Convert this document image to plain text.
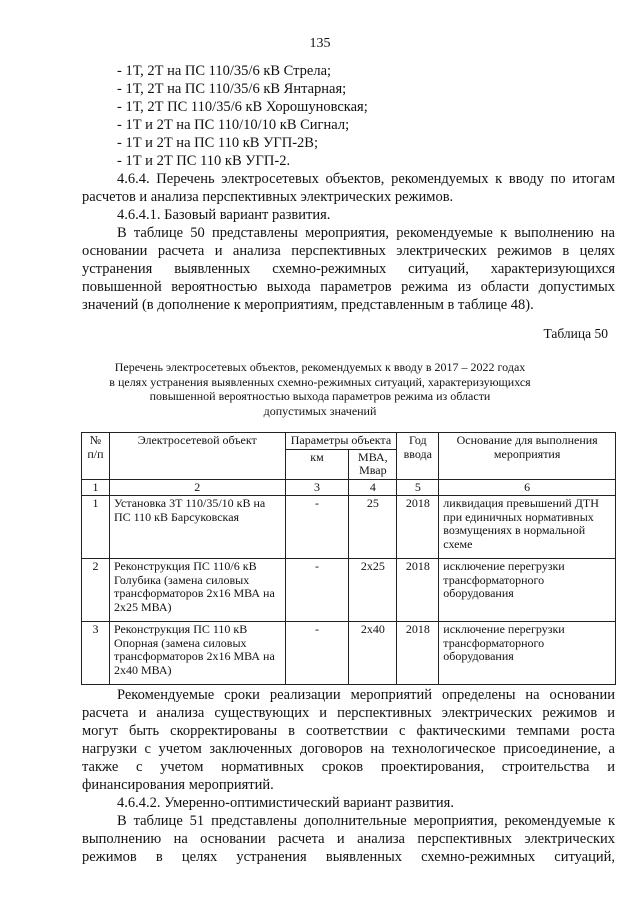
135
- 1Т, 2Т на ПС 110/35/6 кВ Стрела;
- 1Т, 2Т на ПС 110/35/6 кВ Янтарная;
- 1Т, 2Т ПС 110/35/6 кВ Хорошуновская;
- 1Т и 2Т на ПС 110/10/10 кВ Сигнал;
- 1Т и 2Т на ПС 110 кВ УГП-2В;
- 1Т и 2Т ПС 110 кВ УГП-2.
4.6.4. Перечень электросетевых объектов, рекомендуемых к вводу по итогам
расчетов и анализа перспективных электрических режимов.
4.6.4.1. Базовый вариант развития.
В таблице 50 представлены мероприятия, рекомендуемые к выполнению на
основании расчета и анализа перспективных электрических режимов в целях
устранения выявленных схемно-режимных ситуаций, характеризующихся
повышенной вероятностью выхода параметров режима из области допустимых
значений (в дополнение к мероприятиям, представленным в таблице 48).
Таблица 50
Перечень электросетевых объектов, рекомендуемых к вводу в 2017 – 2022 годах
в целях устранения выявленных схемно-режимных ситуаций, характеризующихся
повышенной вероятностью выхода параметров режима из области
допустимых значений
№ п/п	Электросетевой объект	Параметры объекта		Год ввода	Основание для выполнения мероприятия
		км	МВА, Мвар		
1	2	3	4	5	6
1	Установка 3Т 110/35/10 кВ на ПС 110 кВ Барсуковская	-	25	2018	ликвидация превышений ДТН при единичных нормативных возмущениях в нормальной схеме
2	Реконструкция ПС 110/6 кВ Голубика (замена силовых трансформаторов 2х16 МВА на 2х25 МВА)	-	2х25	2018	исключение перегрузки трансформаторного оборудования
3	Реконструкция ПС 110 кВ Опорная (замена силовых трансформаторов 2х16 МВА на 2х40 МВА)	-	2х40	2018	исключение перегрузки трансформаторного оборудования
Рекомендуемые сроки реализации мероприятий определены на основании
расчета и анализа существующих и перспективных электрических режимов и
могут быть скорректированы в соответствии с фактическими темпами роста
нагрузки с учетом заключенных договоров на технологическое присоединение, а
также с учетом нормативных сроков проектирования, строительства и
финансирования мероприятий.
4.6.4.2. Умеренно-оптимистический вариант развития.
В таблице 51 представлены дополнительные мероприятия, рекомендуемые к
выполнению на основании расчета и анализа перспективных электрических
режимов в целях устранения выявленных схемно-режимных ситуаций,
